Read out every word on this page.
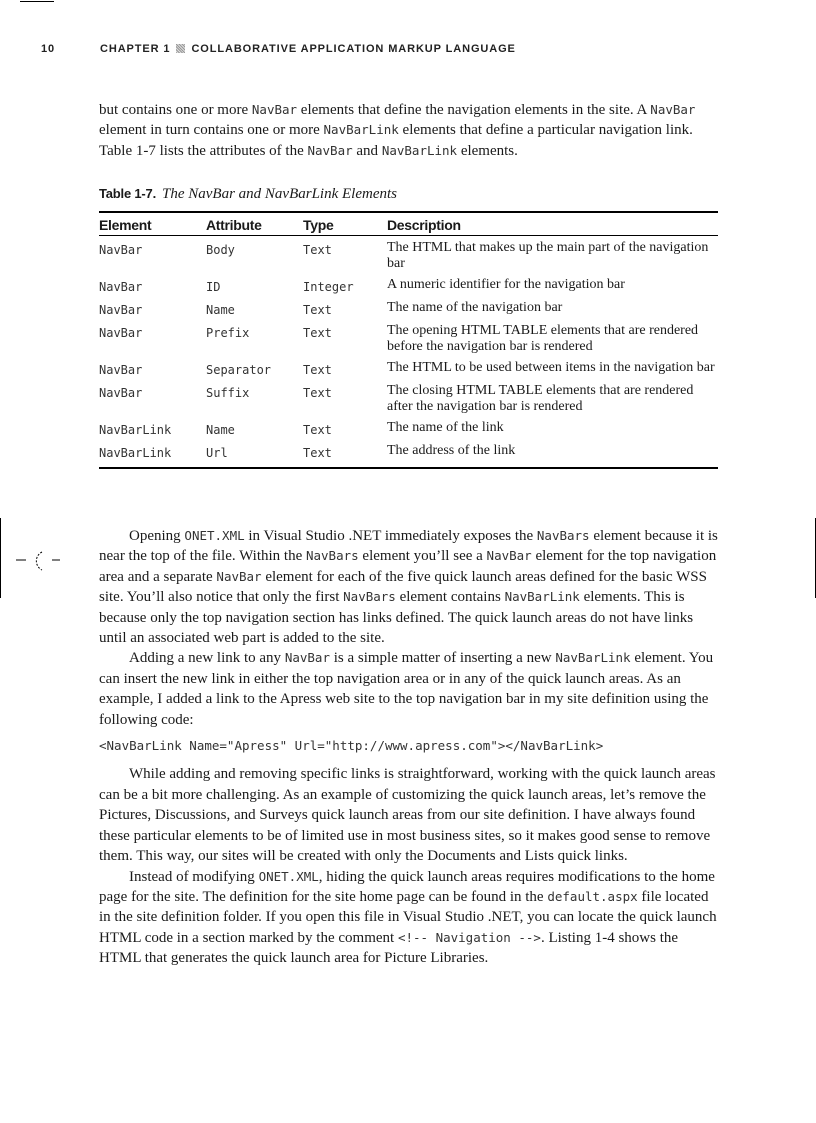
10	CHAPTER 1 COLLABORATIVE APPLICATION MARKUP LANGUAGE

but contains one or more NavBar elements that define the navigation elements in the site. A NavBar element in turn contains one or more NavBarLink elements that define a particular navigation link. Table 1-7 lists the attributes of the NavBar and NavBarLink elements.

Table 1-7. The NavBar and NavBarLink Elements
Element	Attribute	Type	Description
NavBar	Body	Text	The HTML that makes up the main part of the navigation bar
NavBar	ID	Integer	A numeric identifier for the navigation bar
NavBar	Name	Text	The name of the navigation bar
NavBar	Prefix	Text	The opening HTML TABLE elements that are rendered before the navigation bar is rendered
NavBar	Separator	Text	The HTML to be used between items in the navigation bar
NavBar	Suffix	Text	The closing HTML TABLE elements that are rendered after the navigation bar is rendered
NavBarLink	Name	Text	The name of the link
NavBarLink	Url	Text	The address of the link

Opening ONET.XML in Visual Studio .NET immediately exposes the NavBars element because it is near the top of the file. Within the NavBars element you’ll see a NavBar element for the top navigation area and a separate NavBar element for each of the five quick launch areas defined for the basic WSS site. You’ll also notice that only the first NavBars element contains NavBarLink elements. This is because only the top navigation section has links defined. The quick launch areas do not have links until an associated web part is added to the site.

Adding a new link to any NavBar is a simple matter of inserting a new NavBarLink element. You can insert the new link in either the top navigation area or in any of the quick launch areas. As an example, I added a link to the Apress web site to the top navigation bar in my site definition using the following code:

<NavBarLink Name="Apress" Url="http://www.apress.com"></NavBarLink>

While adding and removing specific links is straightforward, working with the quick launch areas can be a bit more challenging. As an example of customizing the quick launch areas, let’s remove the Pictures, Discussions, and Surveys quick launch areas from our site definition. I have always found these particular elements to be of limited use in most business sites, so it makes good sense to remove them. This way, our sites will be created with only the Documents and Lists quick links.

Instead of modifying ONET.XML, hiding the quick launch areas requires modifications to the home page for the site. The definition for the site home page can be found in the default.aspx file located in the site definition folder. If you open this file in Visual Studio .NET, you can locate the quick launch HTML code in a section marked by the comment <!-- Navigation -->. Listing 1-4 shows the HTML that generates the quick launch area for Picture Libraries.
